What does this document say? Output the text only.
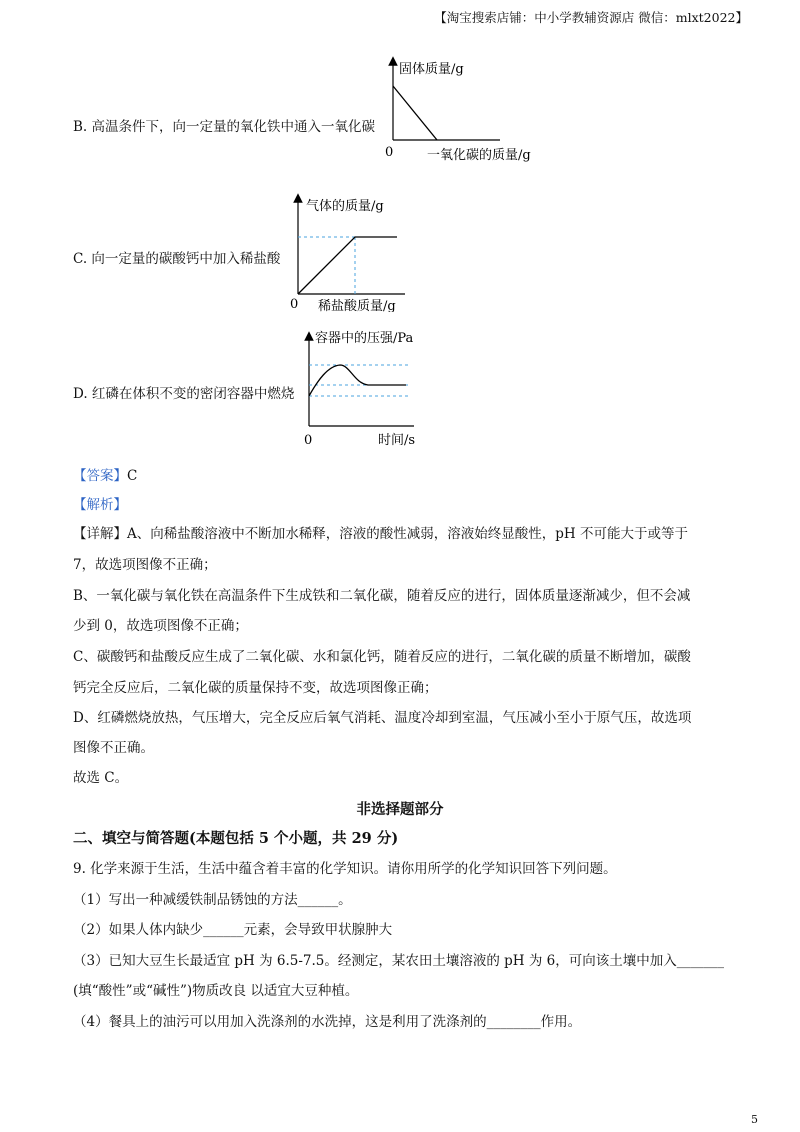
【淘宝搜索店铺：中小学教辅资源店 微信：mlxt2022】
B. 高温条件下，向一定量的氧化铁中通入一氧化碳
固体质量/g
0	一氧化碳的质量/g
C. 向一定量的碳酸钙中加入稀盐酸
气体的质量/g
0 稀盐酸质量/g
D. 红磷在体积不变的密闭容器中燃烧
容器中的压强/Pa
0	时间/s
【答案】C
【解析】
【详解】A、向稀盐酸溶液中不断加水稀释，溶液的酸性减弱，溶液始终显酸性，pH 不可能大于或等于
7，故选项图像不正确；
B、一氧化碳与氧化铁在高温条件下生成铁和二氧化碳，随着反应的进行，固体质量逐渐减少，但不会减
少到 0，故选项图像不正确；
C、碳酸钙和盐酸反应生成了二氧化碳、水和氯化钙，随着反应的进行，二氧化碳的质量不断增加，碳酸
钙完全反应后，二氧化碳的质量保持不变，故选项图像正确；
D、红磷燃烧放热，气压增大，完全反应后氧气消耗、温度冷却到室温，气压减小至小于原气压，故选项
图像不正确。
故选 C。
非选择题部分
二、填空与简答题(本题包括 5 个小题，共 29 分)
9. 化学来源于生活，生活中蕴含着丰富的化学知识。请你用所学的化学知识回答下列问题。
（1）写出一种减缓铁制品锈蚀的方法______。
（2）如果人体内缺少______元素，会导致甲状腺肿大
（3）已知大豆生长最适宜 pH 为 6.5-7.5。经测定，某农田土壤溶液的 pH 为 6，可向该土壤中加入_______
(填“酸性”或“碱性”)物质改良 以适宜大豆种植。
（4）餐具上的油污可以用加入洗涤剂的水洗掉，这是利用了洗涤剂的________作用。
5
